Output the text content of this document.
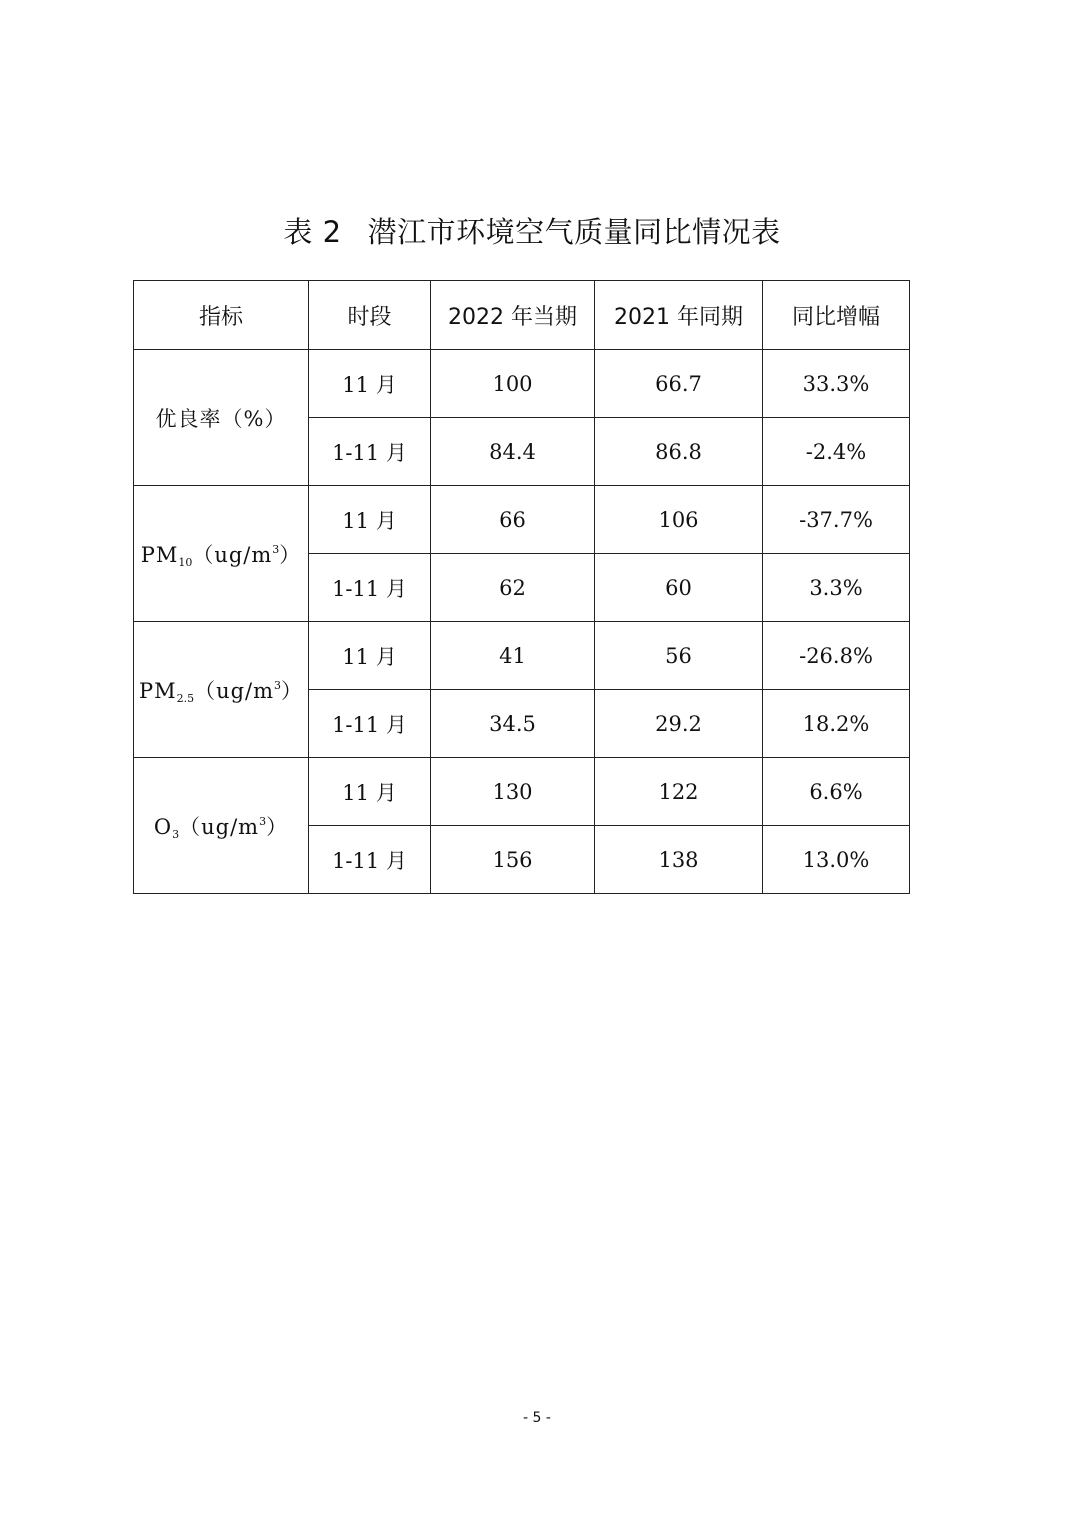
表 2 潜江市环境空气质量同比情况表
指标	时段	2022 年当期	2021 年同期	同比增幅
优良率（%）	11 月	100	66.7	33.3%
	1-11 月	84.4	86.8	-2.4%
$PM_{10}(ug/m^3)$	11 月	66	106	-37.7%
	1-11 月	62	60	3.3%
$PM_{2.5}(ug/m^3)$	11 月	41	56	-26.8%
	1-11 月	34.5	29.2	18.2%
$O_3(ug/m^3)$	11 月	130	122	6.6%
	1-11 月	156	138	13.0%
- 5 -
